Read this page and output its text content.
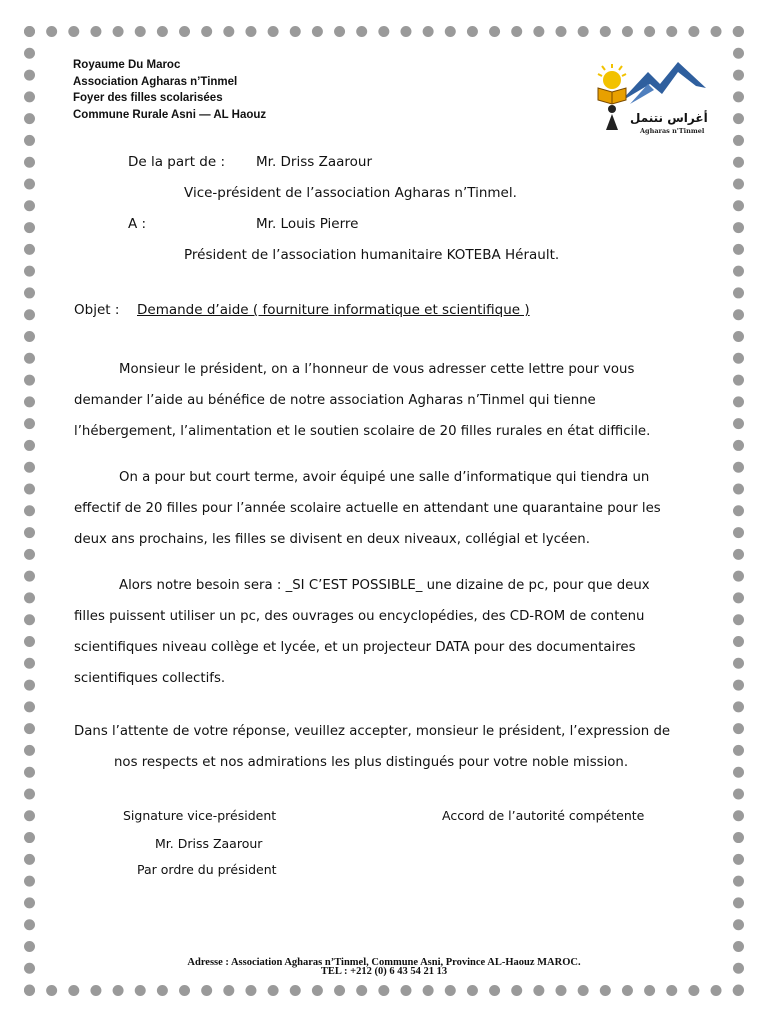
Royaume Du Maroc
Association Agharas n’Tinmel
Foyer des filles scolarisées
Commune Rurale Asni — AL Haouz	أغراس نتنمل
Agharas n'Tinmel
De la part de : Mr. Driss Zaarour
Vice-président de l’association Agharas n’Tinmel.
A :	Mr. Louis Pierre
Président de l’association humanitaire KOTEBA Hérault.
Objet : Demande d’aide ( fourniture informatique et scientifique )
Monsieur le président, on a l’honneur de vous adresser cette lettre pour vous
demander l’aide au bénéfice de notre association Agharas n’Tinmel qui tienne
l’hébergement, l’alimentation et le soutien scolaire de 20 filles rurales en état difficile.
On a pour but court terme, avoir équipé une salle d’informatique qui tiendra un
effectif de 20 filles pour l’année scolaire actuelle en attendant une quarantaine pour les
deux ans prochains, les filles se divisent en deux niveaux, collégial et lycéen.
Alors notre besoin sera : _SI C’EST POSSIBLE_ une dizaine de pc, pour que deux
filles puissent utiliser un pc, des ouvrages ou encyclopédies, des CD-ROM de contenu
scientifiques niveau collège et lycée, et un projecteur DATA pour des documentaires
scientifiques collectifs.
Dans l’attente de votre réponse, veuillez accepter, monsieur le président, l’expression de
nos respects et nos admirations les plus distingués pour votre noble mission.
Signature vice-président
Mr. Driss Zaarour
Accord de l’autorité compétente
Par ordre du président
Adresse : Association Agharas n’Tinmel, Commune Asni, Province AL-Haouz MAROC.
TEL : +212 (0) 6 43 54 21 13
